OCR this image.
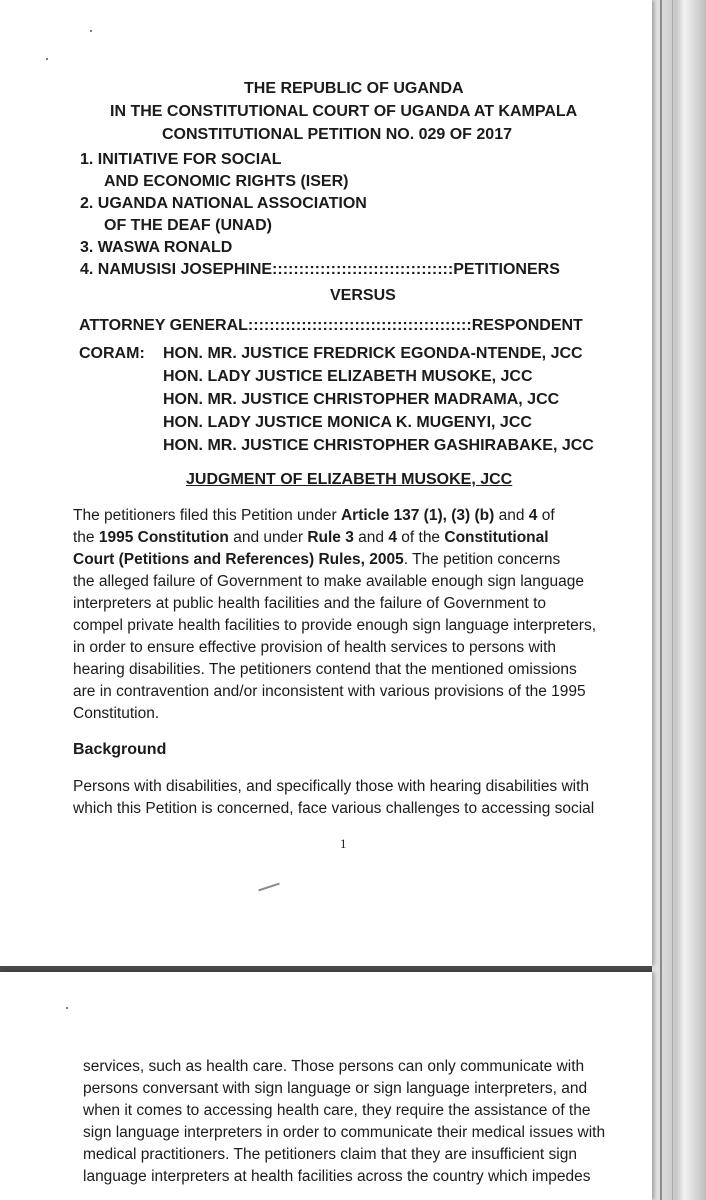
THE REPUBLIC OF UGANDA
IN THE CONSTITUTIONAL COURT OF UGANDA AT KAMPALA
CONSTITUTIONAL PETITION NO. 029 OF 2017
1. INITIATIVE FOR SOCIAL
AND ECONOMIC RIGHTS (ISER)
2. UGANDA NATIONAL ASSOCIATION
OF THE DEAF (UNAD)
3. WASWA RONALD
4. NAMUSISI JOSEPHINE::::::::::::::::::::::::::::::::::PETITIONERS
VERSUS
ATTORNEY GENERAL::::::::::::::::::::::::::::::::::::::::::RESPONDENT
CORAM: HON. MR. JUSTICE FREDRICK EGONDA-NTENDE, JCC
HON. LADY JUSTICE ELIZABETH MUSOKE, JCC
HON. MR. JUSTICE CHRISTOPHER MADRAMA, JCC
HON. LADY JUSTICE MONICA K. MUGENYI, JCC
HON. MR. JUSTICE CHRISTOPHER GASHIRABAKE, JCC
JUDGMENT OF ELIZABETH MUSOKE, JCC
The petitioners filed this Petition under Article 137 (1), (3) (b) and 4 of
the 1995 Constitution and under Rule 3 and 4 of the Constitutional
Court (Petitions and References) Rules, 2005. The petition concerns
the alleged failure of Government to make available enough sign language
interpreters at public health facilities and the failure of Government to
compel private health facilities to provide enough sign language interpreters,
in order to ensure effective provision of health services to persons with
hearing disabilities. The petitioners contend that the mentioned omissions
are in contravention and/or inconsistent with various provisions of the 1995
Constitution.
Background
Persons with disabilities, and specifically those with hearing disabilities with
which this Petition is concerned, face various challenges to accessing social
1
services, such as health care. Those persons can only communicate with
persons conversant with sign language or sign language interpreters, and
when it comes to accessing health care, they require the assistance of the
sign language interpreters in order to communicate their medical issues with
medical practitioners. The petitioners claim that they are insufficient sign
language interpreters at health facilities across the country which impedes
